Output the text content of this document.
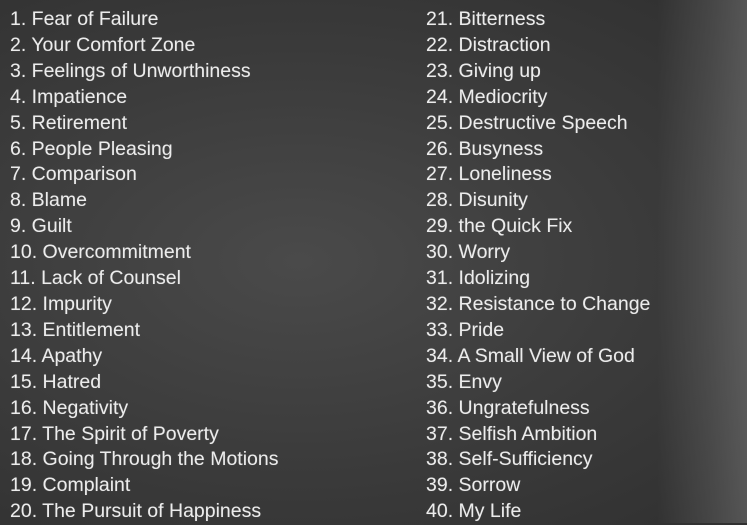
1. Fear of Failure
2. Your Comfort Zone
3. Feelings of Unworthiness
4. Impatience
5. Retirement
6. People Pleasing
7. Comparison
8. Blame
9. Guilt
10. Overcommitment
11. Lack of Counsel
12. Impurity
13. Entitlement
14. Apathy
15. Hatred
16. Negativity
17. The Spirit of Poverty
18. Going Through the Motions
19. Complaint
20. The Pursuit of Happiness
21. Bitterness
22. Distraction
23. Giving up
24. Mediocrity
25. Destructive Speech
26. Busyness
27. Loneliness
28. Disunity
29. the Quick Fix
30. Worry
31. Idolizing
32. Resistance to Change
33. Pride
34. A Small View of God
35. Envy
36. Ungratefulness
37. Selfish Ambition
38. Self-Sufficiency
39. Sorrow
40. My Life
